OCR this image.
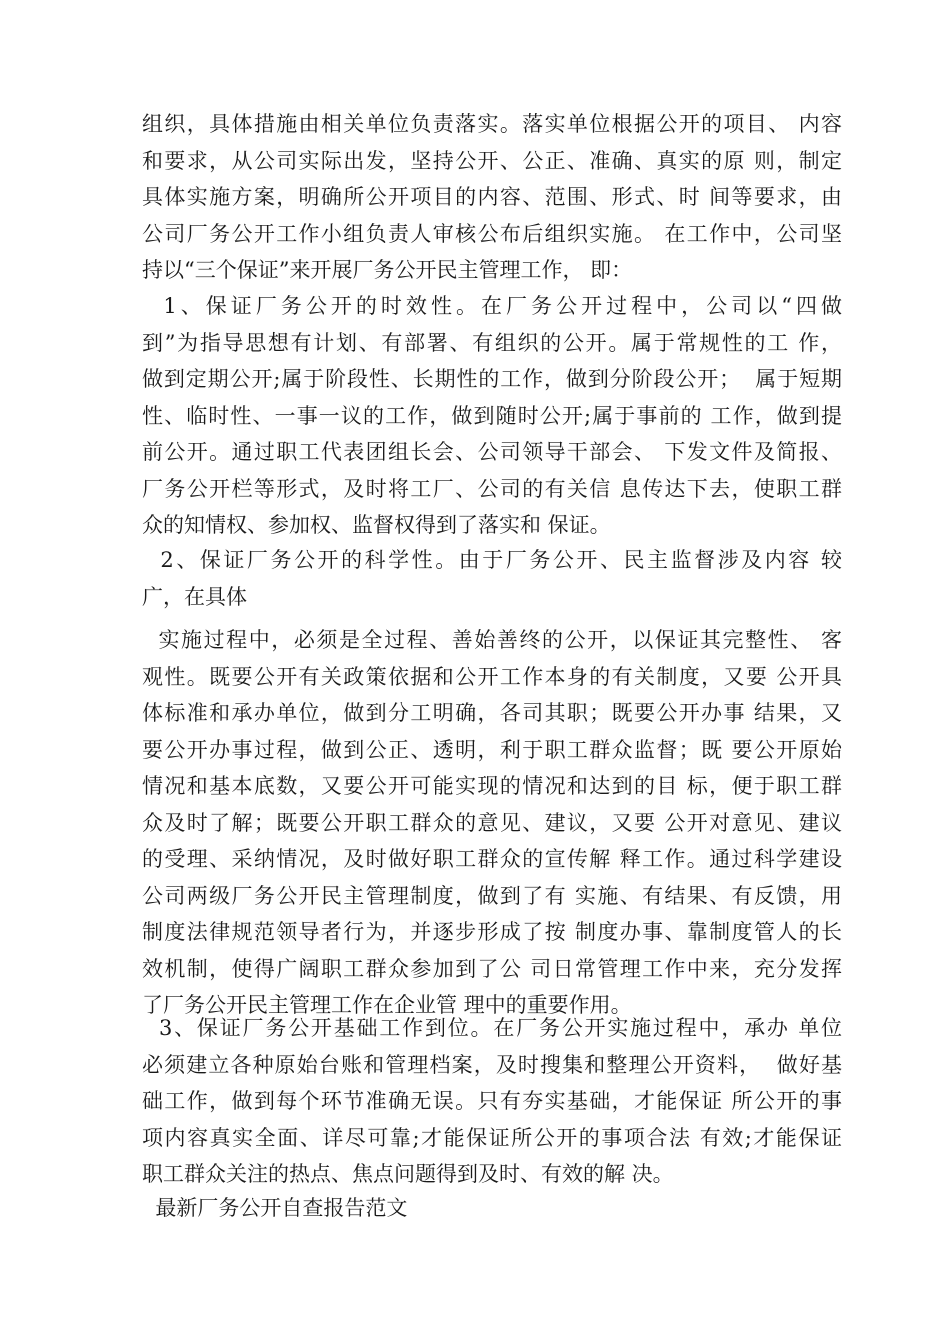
组织，具体措施由相关单位负责落实。落实单位根据公开的项目、 内容
和要求，从公司实际出发，坚持公开、公正、准确、真实的原 则，制定
具体实施方案，明确所公开项目的内容、范围、形式、时 间等要求，由
公司厂务公开工作小组负责人审核公布后组织实施。 在工作中，公司坚
持以“三个保证”来开展厂务公开民主管理工作， 即：

1、保证厂务公开的时效性。在厂务公开过程中，公司以“四做
到”为指导思想有计划、有部署、有组织的公开。属于常规性的工 作，
做到定期公开;属于阶段性、长期性的工作，做到分阶段公开；  属于短期
性、临时性、一事一议的工作，做到随时公开;属于事前的 工作，做到提
前公开。通过职工代表团组长会、公司领导干部会、 下发文件及简报、
厂务公开栏等形式，及时将工厂、公司的有关信 息传达下去，使职工群
众的知情权、参加权、监督权得到了落实和 保证。

2、保证厂务公开的科学性。由于厂务公开、民主监督涉及内容 较
广，在具体

实施过程中，必须是全过程、善始善终的公开，以保证其完整性、 客
观性。既要公开有关政策依据和公开工作本身的有关制度，又要 公开具
体标准和承办单位，做到分工明确，各司其职；既要公开办事 结果，又
要公开办事过程，做到公正、透明，利于职工群众监督；既 要公开原始
情况和基本底数，又要公开可能实现的情况和达到的目 标，便于职工群
众及时了解；既要公开职工群众的意见、建议，又要 公开对意见、建议
的受理、采纳情况，及时做好职工群众的宣传解 释工作。通过科学建设
公司两级厂务公开民主管理制度，做到了有 实施、有结果、有反馈，用
制度法律规范领导者行为，并逐步形成了按 制度办事、靠制度管人的长
效机制，使得广阔职工群众参加到了公 司日常管理工作中来，充分发挥
了厂务公开民主管理工作在企业管 理中的重要作用。

3、保证厂务公开基础工作到位。在厂务公开实施过程中，承办 单位
必须建立各种原始台账和管理档案，及时搜集和整理公开资料，  做好基
础工作，做到每个环节准确无误。只有夯实基础，才能保证 所公开的事
项内容真实全面、详尽可靠;才能保证所公开的事项合法 有效;才能保证
职工群众关注的热点、焦点问题得到及时、有效的解 决。

最新厂务公开自查报告范文
